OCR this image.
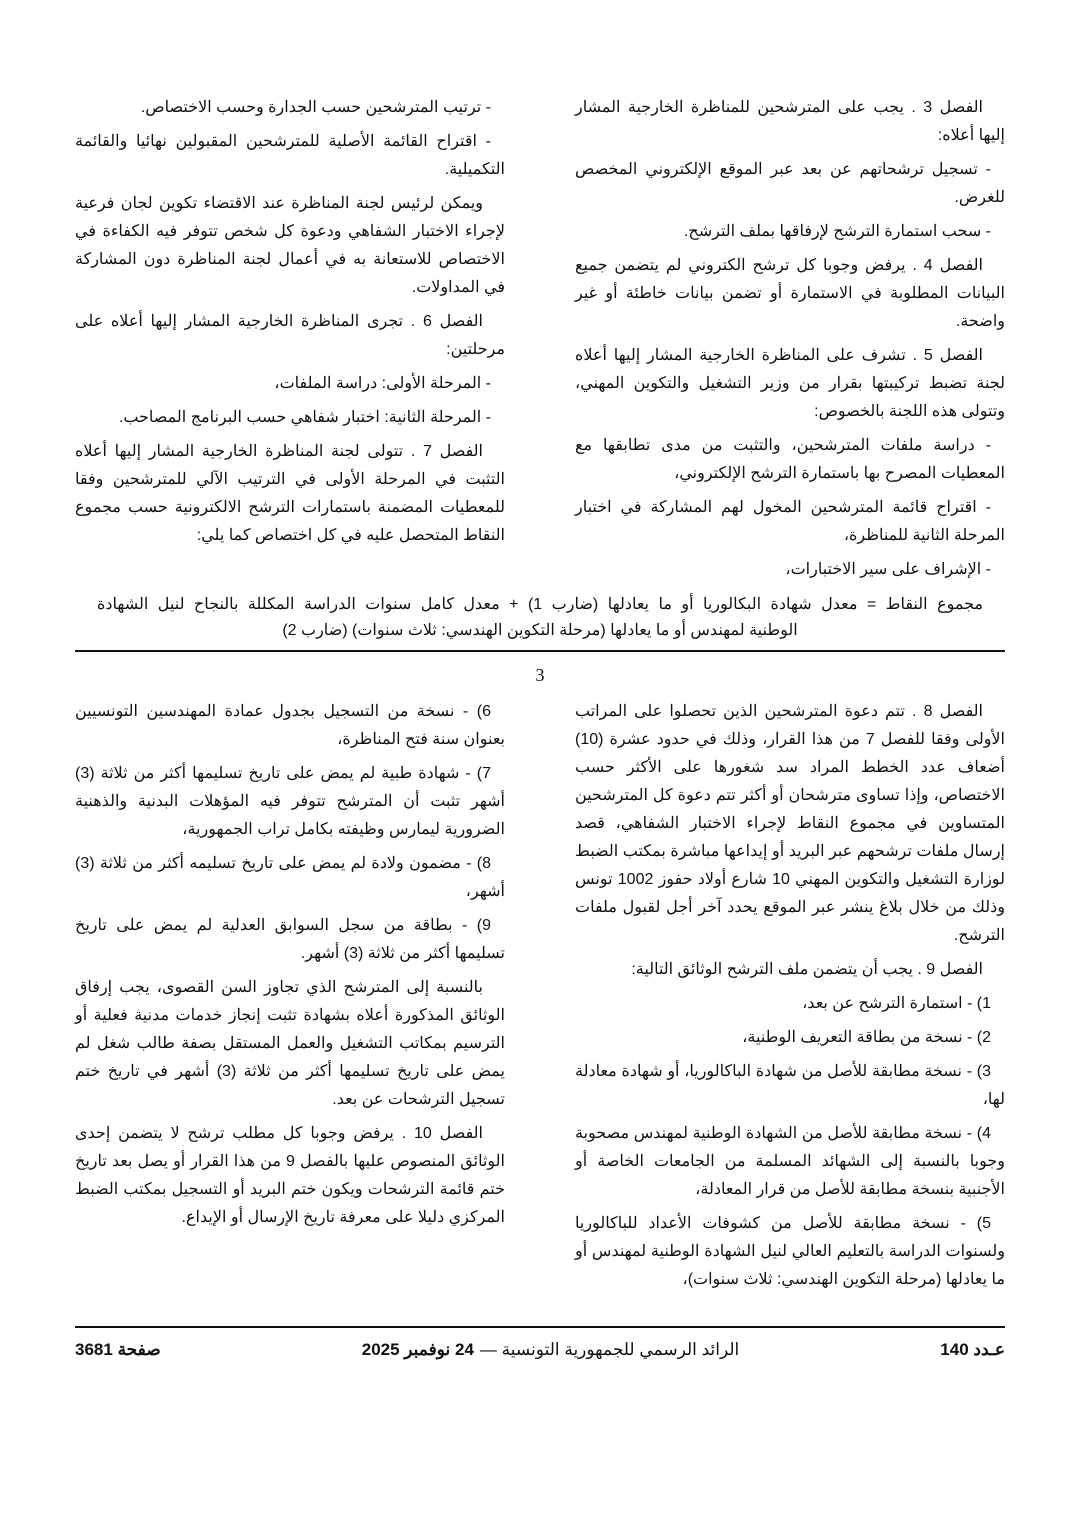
الفصل 3 . يجب على المترشحين للمناظرة الخارجية المشار إليها أعلاه:

- تسجيل ترشحاتهم عن بعد عبر الموقع الإلكتروني المخصص للغرض.

- سحب استمارة الترشح لإرفاقها بملف الترشح.

الفصل 4 . يرفض وجوبا كل ترشح الكتروني لم يتضمن جميع البيانات المطلوبة في الاستمارة أو تضمن بيانات خاطئة أو غير واضحة.

الفصل 5 . تشرف على المناظرة الخارجية المشار إليها أعلاه لجنة تضبط تركيبتها بقرار من وزير التشغيل والتكوين المهني، وتتولى هذه اللجنة بالخصوص:

- دراسة ملفات المترشحين، والتثبت من مدى تطابقها مع المعطيات المصرح بها باستمارة الترشح الإلكتروني،

- اقتراح قائمة المترشحين المخول لهم المشاركة في اختبار المرحلة الثانية للمناظرة،

- الإشراف على سير الاختبارات،

- ترتيب المترشحين حسب الجدارة وحسب الاختصاص.

- اقتراح القائمة الأصلية للمترشحين المقبولين نهائيا والقائمة التكميلية.

ويمكن لرئيس لجنة المناظرة عند الاقتضاء تكوين لجان فرعية لإجراء الاختبار الشفاهي ودعوة كل شخص تتوفر فيه الكفاءة في الاختصاص للاستعانة به في أعمال لجنة المناظرة دون المشاركة في المداولات.

الفصل 6 . تجرى المناظرة الخارجية المشار إليها أعلاه على مرحلتين:

- المرحلة الأولى: دراسة الملفات،

- المرحلة الثانية: اختبار شفاهي حسب البرنامج المصاحب.

الفصل 7 . تتولى لجنة المناظرة الخارجية المشار إليها أعلاه التثبت في المرحلة الأولى في الترتيب الآلي للمترشحين وفقا للمعطيات المضمنة باستمارات الترشح الالكترونية حسب مجموع النقاط المتحصل عليه في كل اختصاص كما يلي:

مجموع النقاط = معدل شهادة البكالوريا أو ما يعادلها (ضارب 1) + معدل كامل سنوات الدراسة المكللة بالنجاح لنيل الشهادة
الوطنية لمهندس أو ما يعادلها (مرحلة التكوين الهندسي: ثلاث سنوات) (ضارب 2)
3

الفصل 8 . تتم دعوة المترشحين الذين تحصلوا على المراتب الأولى وفقا للفصل 7 من هذا القرار، وذلك في حدود عشرة (10) أضعاف عدد الخطط المراد سد شغورها على الأكثر حسب الاختصاص، وإذا تساوى مترشحان أو أكثر تتم دعوة كل المترشحين المتساوين في مجموع النقاط لإجراء الاختبار الشفاهي، قصد إرسال ملفات ترشحهم عبر البريد أو إيداعها مباشرة بمكتب الضبط لوزارة التشغيل والتكوين المهني 10 شارع أولاد حفوز 1002 تونس وذلك من خلال بلاغ ينشر عبر الموقع يحدد آخر أجل لقبول ملفات الترشح.

الفصل 9 . يجب أن يتضمن ملف الترشح الوثائق التالية:

1) - استمارة الترشح عن بعد،

2) - نسخة من بطاقة التعريف الوطنية،

3) - نسخة مطابقة للأصل من شهادة الباكالوريا، أو شهادة معادلة لها،

4) - نسخة مطابقة للأصل من الشهادة الوطنية لمهندس مصحوبة وجوبا بالنسبة إلى الشهائد المسلمة من الجامعات الخاصة أو الأجنبية بنسخة مطابقة للأصل من قرار المعادلة،

5) - نسخة مطابقة للأصل من كشوفات الأعداد للباكالوريا ولسنوات الدراسة بالتعليم العالي لنيل الشهادة الوطنية لمهندس أو ما يعادلها (مرحلة التكوين الهندسي: ثلاث سنوات)،

6) - نسخة من التسجيل بجدول عمادة المهندسين التونسيين بعنوان سنة فتح المناظرة،

7) - شهادة طبية لم يمض على تاريخ تسليمها أكثر من ثلاثة (3) أشهر تثبت أن المترشح تتوفر فيه المؤهلات البدنية والذهنية الضرورية ليمارس وظيفته بكامل تراب الجمهورية،

8) - مضمون ولادة لم يمض على تاريخ تسليمه أكثر من ثلاثة (3) أشهر،

9) - بطاقة من سجل السوابق العدلية لم يمض على تاريخ تسليمها أكثر من ثلاثة (3) أشهر.

بالنسبة إلى المترشح الذي تجاوز السن القصوى، يجب إرفاق الوثائق المذكورة أعلاه بشهادة تثبت إنجاز خدمات مدنية فعلية أو الترسيم بمكاتب التشغيل والعمل المستقل بصفة طالب شغل لم يمض على تاريخ تسليمها أكثر من ثلاثة (3) أشهر في تاريخ ختم تسجيل الترشحات عن بعد.

الفصل 10 . يرفض وجوبا كل مطلب ترشح لا يتضمن إحدى الوثائق المنصوص عليها بالفصل 9 من هذا القرار أو يصل بعد تاريخ ختم قائمة الترشحات ويكون ختم البريد أو التسجيل بمكتب الضبط المركزي دليلا على معرفة تاريخ الإرسال أو الإيداع.

عـدد 140
الرائد الرسمي للجمهورية التونسية —
24 نوفمبر 2025
صفحة 3681
